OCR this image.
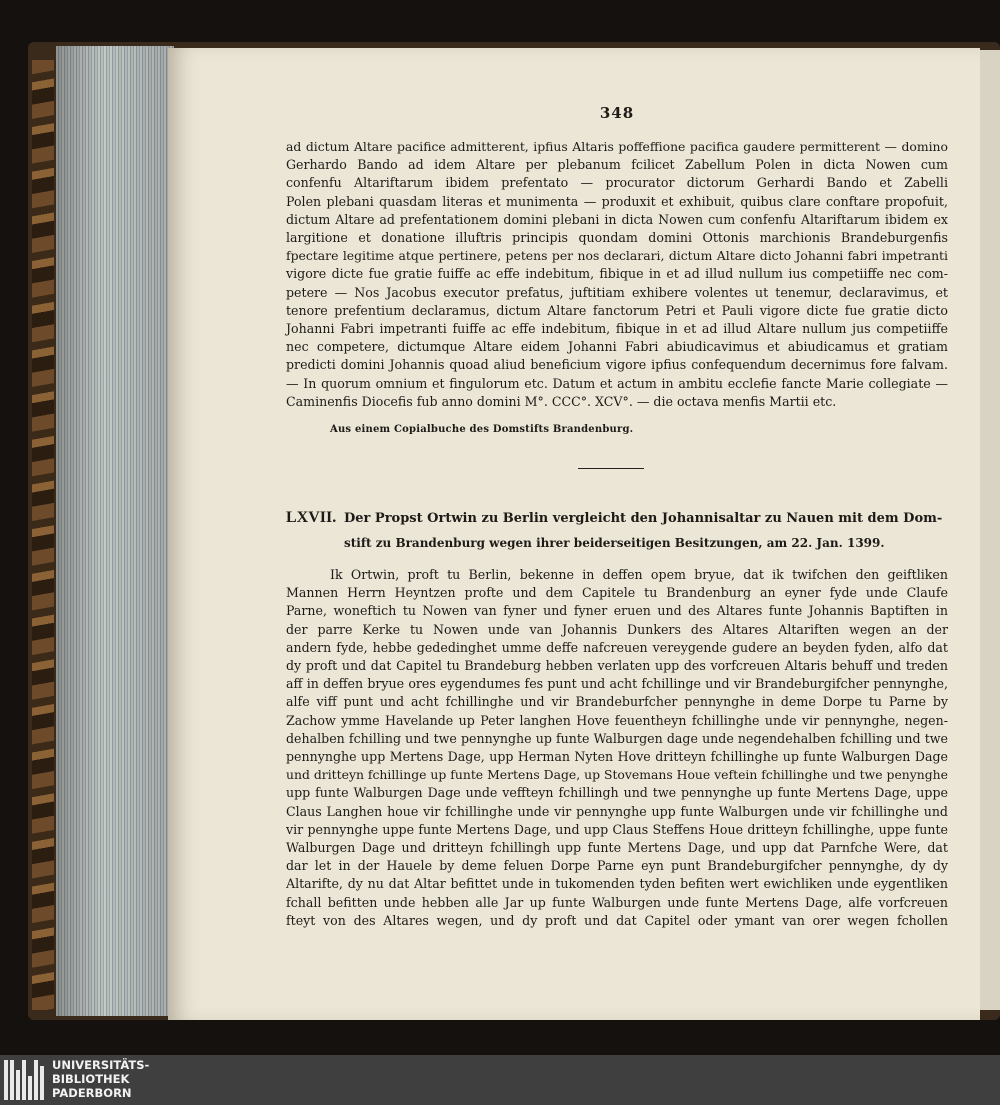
348
ad dictum Altare pacifice admitterent, ipfius Altaris poffeffione pacifica gaudere permitterent — domino
Gerhardo Bando ad idem Altare per plebanum fcilicet Zabellum Polen in dicta Nowen cum
confenfu Altariftarum ibidem prefentato — procurator dictorum Gerhardi Bando et Zabelli
Polen plebani quasdam literas et munimenta — produxit et exhibuit, quibus clare conftare propofuit,
dictum Altare ad prefentationem domini plebani in dicta Nowen cum confenfu Altariftarum ibidem ex
largitione et donatione illuftris principis quondam domini Ottonis marchionis Brandeburgenfis
fpectare legitime atque pertinere, petens per nos declarari, dictum Altare dicto Johanni fabri impetranti
vigore dicte fue gratie fuiffe ac effe indebitum, fibique in et ad illud nullum ius competiiffe nec com-
petere — Nos Jacobus executor prefatus, juftitiam exhibere volentes ut tenemur, declaravimus, et
tenore prefentium declaramus, dictum Altare fanctorum Petri et Pauli vigore dicte fue gratie dicto
Johanni Fabri impetranti fuiffe ac effe indebitum, fibique in et ad illud Altare nullum jus competiiffe
nec competere, dictumque Altare eidem Johanni Fabri abiudicavimus et abiudicamus et gratiam
predicti domini Johannis quoad aliud beneficium vigore ipfius confequendum decernimus fore falvam.
— In quorum omnium et fingulorum etc. Datum et actum in ambitu ecclefie fancte Marie collegiate —
Caminenfis Diocefis fub anno domini M°. CCC°. XCV°. — die octava menfis Martii etc.
Aus einem Copialbuche des Domstifts Brandenburg.
LXVII. Der Propst Ortwin zu Berlin vergleicht den Johannisaltar zu Nauen mit dem Dom-
stift zu Brandenburg wegen ihrer beiderseitigen Besitzungen, am 22. Jan. 1399.
Ik Ortwin, proft tu Berlin, bekenne in deffen opem bryue, dat ik twifchen den geiftliken
Mannen Herrn Heyntzen profte und dem Capitele tu Brandenburg an eyner fyde unde Claufe
Parne, woneftich tu Nowen van fyner und fyner eruen und des Altares funte Johannis Baptiften in
der parre Kerke tu Nowen unde van Johannis Dunkers des Altares Altariften wegen an der
andern fyde, hebbe gededinghet umme deffe nafcreuen vereygende gudere an beyden fyden, alfo dat
dy proft und dat Capitel tu Brandeburg hebben verlaten upp des vorfcreuen Altaris behuff und treden
aff in deffen bryue ores eygendumes fes punt und acht fchillinge und vir Brandeburgifcher pennynghe,
alfe viff punt und acht fchillinghe und vir Brandeburfcher pennynghe in deme Dorpe tu Parne by
Zachow ymme Havelande up Peter langhen Hove feuentheyn fchillinghe unde vir pennynghe, negen-
dehalben fchilling und twe pennynghe up funte Walburgen dage unde negendehalben fchilling und twe
pennynghe upp Mertens Dage, upp Herman Nyten Hove dritteyn fchillinghe up funte Walburgen Dage
und dritteyn fchillinge up funte Mertens Dage, up Stovemans Houe veftein fchillinghe und twe penynghe
upp funte Walburgen Dage unde veffteyn fchillingh und twe pennynghe up funte Mertens Dage, uppe
Claus Langhen houe vir fchillinghe unde vir pennynghe upp funte Walburgen unde vir fchillinghe und
vir pennynghe uppe funte Mertens Dage, und upp Claus Steffens Houe dritteyn fchillinghe, uppe funte
Walburgen Dage und dritteyn fchillingh upp funte Mertens Dage, und upp dat Parnfche Were, dat
dar let in der Hauele by deme feluen Dorpe Parne eyn punt Brandeburgifcher pennynghe, dy dy
Altarifte, dy nu dat Altar befittet unde in tukomenden tyden befiten wert ewichliken unde eygentliken
fchall befitten unde hebben alle Jar up funte Walburgen unde funte Mertens Dage, alfe vorfcreuen
fteyt von des Altares wegen, und dy proft und dat Capitel oder ymant van orer wegen fchollen
UNIVERSITÄTS-
BIBLIOTHEK
PADERBORN
